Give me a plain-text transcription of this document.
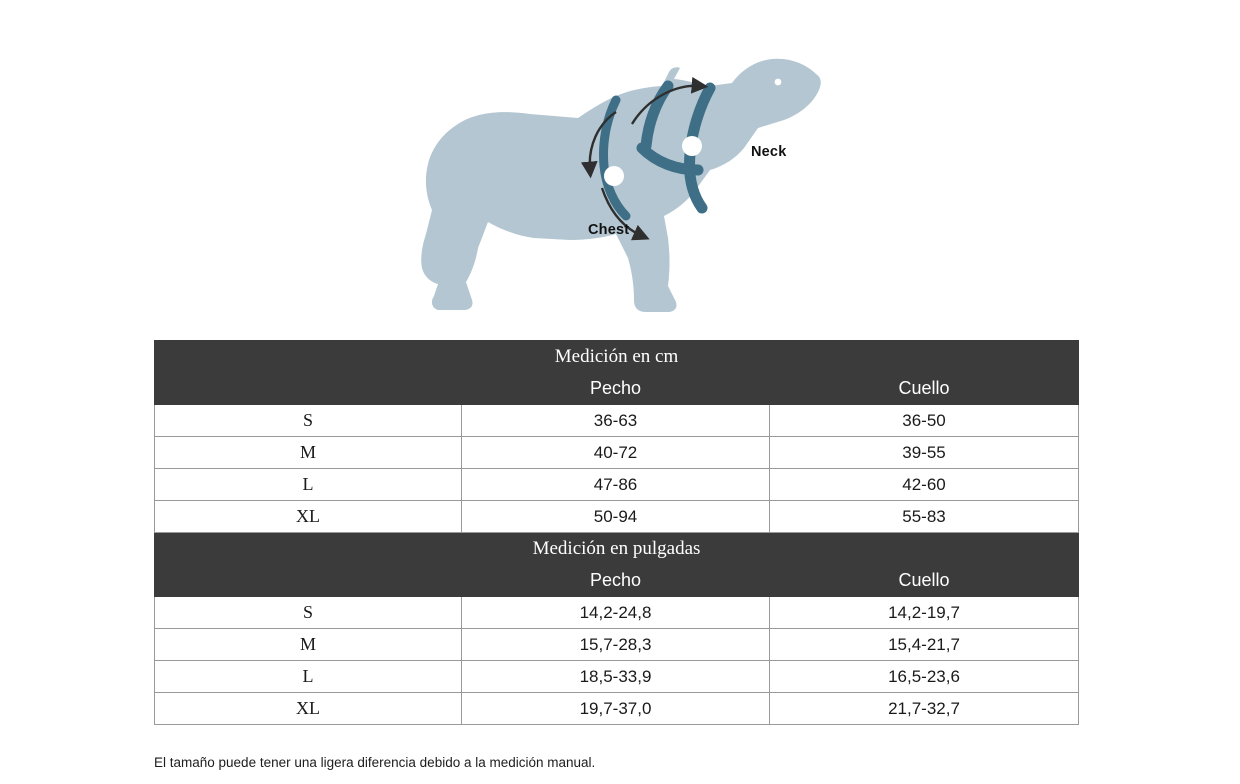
Neck
Chest
Medición en cm		
	Pecho	Cuello
S	36-63	36-50
M	40-72	39-55
L	47-86	42-60
XL	50-94	55-83
Medición en pulgadas		
	Pecho	Cuello
S	14,2-24,8	14,2-19,7
M	15,7-28,3	15,4-21,7
L	18,5-33,9	16,5-23,6
XL	19,7-37,0	21,7-32,7
El tamaño puede tener una ligera diferencia debido a la medición manual.
